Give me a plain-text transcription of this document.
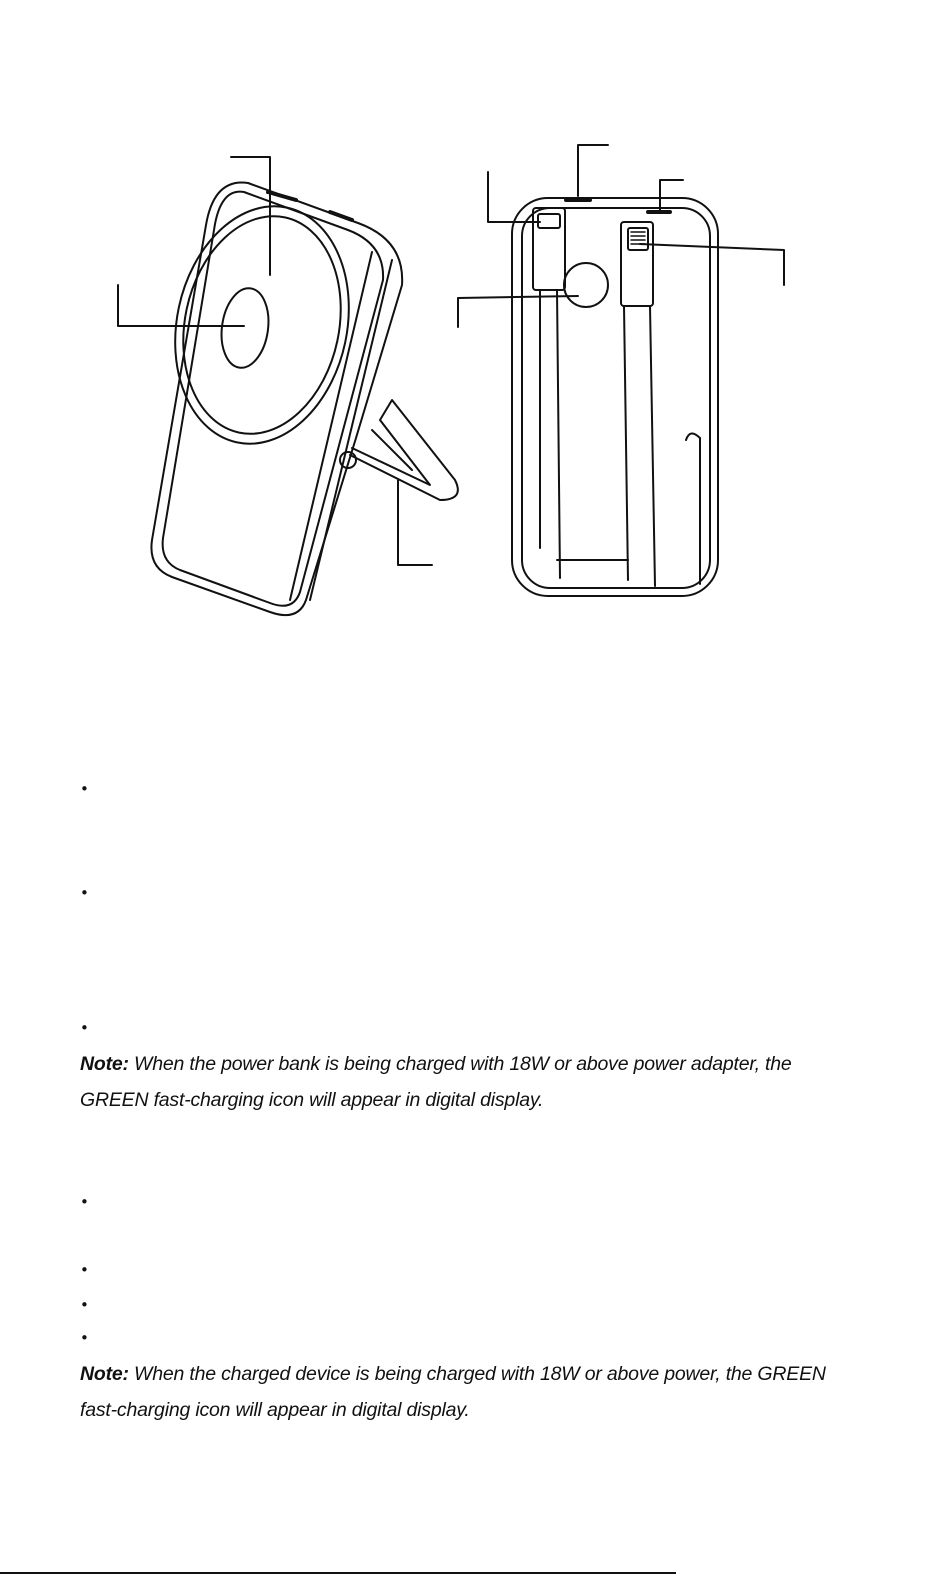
•
•
•
Note: When the power bank is being charged with 18W or above power adapter, the
GREEN fast-charging icon will appear in digital display.
•
•
•
•
Note: When the charged device is being charged with 18W or above power, the GREEN
fast-charging icon will appear in digital display.
